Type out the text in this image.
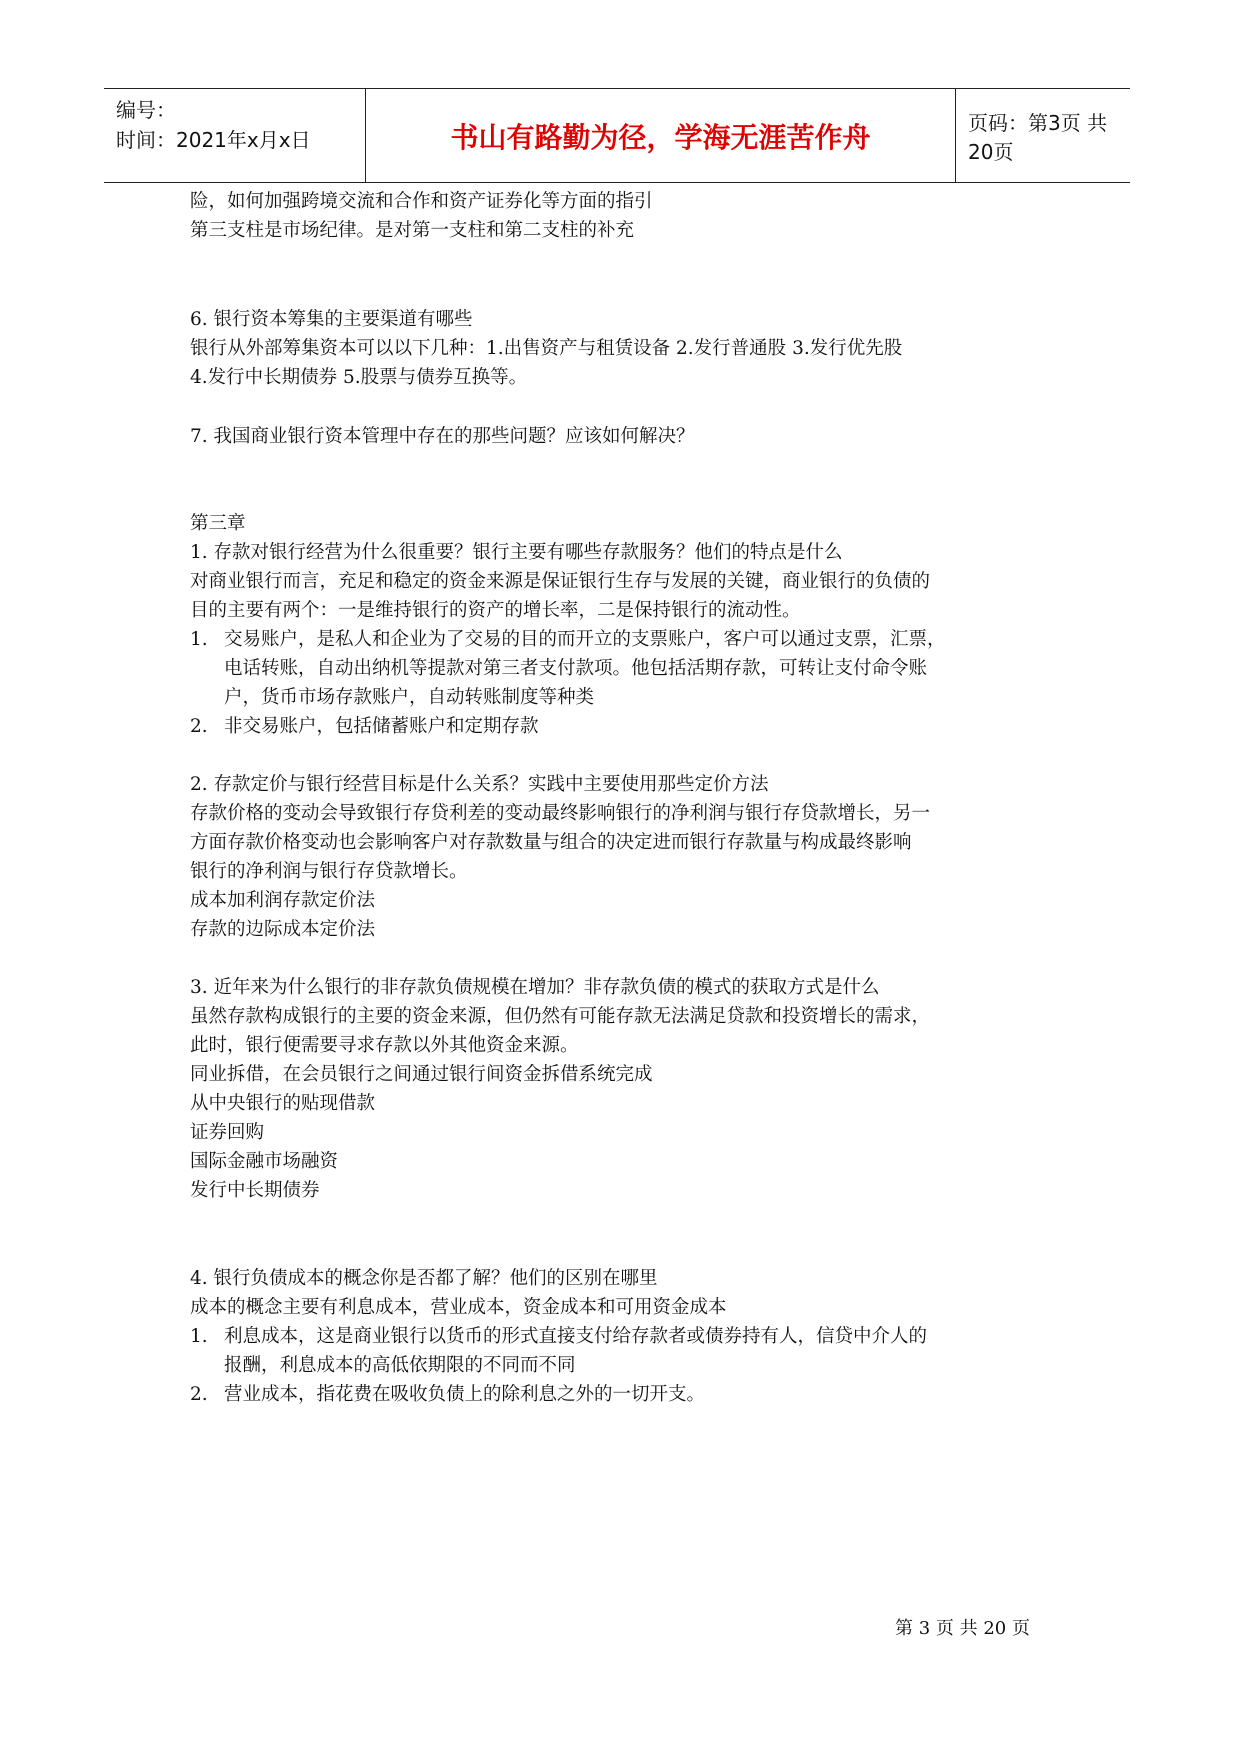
编号：
时间：2021年x月x日	书山有路勤为径，学海无涯苦作舟	页码：第3页 共20页
险，如何加强跨境交流和合作和资产证券化等方面的指引
第三支柱是市场纪律。是对第一支柱和第二支柱的补充
6. 银行资本筹集的主要渠道有哪些
银行从外部筹集资本可以以下几种：1.出售资产与租赁设备 2.发行普通股 3.发行优先股
4.发行中长期债券 5.股票与债券互换等。
7. 我国商业银行资本管理中存在的那些问题？应该如何解决？
第三章
1. 存款对银行经营为什么很重要？银行主要有哪些存款服务？他们的特点是什么
对商业银行而言，充足和稳定的资金来源是保证银行生存与发展的关键，商业银行的负债的
目的主要有两个：一是维持银行的资产的增长率，二是保持银行的流动性。
1. 交易账户，是私人和企业为了交易的目的而开立的支票账户，客户可以通过支票，汇票，
电话转账，自动出纳机等提款对第三者支付款项。他包括活期存款，可转让支付命令账
户，货币市场存款账户，自动转账制度等种类
2. 非交易账户，包括储蓄账户和定期存款
2. 存款定价与银行经营目标是什么关系？实践中主要使用那些定价方法
存款价格的变动会导致银行存贷利差的变动最终影响银行的净利润与银行存贷款增长，另一
方面存款价格变动也会影响客户对存款数量与组合的决定进而银行存款量与构成最终影响
银行的净利润与银行存贷款增长。
成本加利润存款定价法
存款的边际成本定价法
3. 近年来为什么银行的非存款负债规模在增加？非存款负债的模式的获取方式是什么
虽然存款构成银行的主要的资金来源，但仍然有可能存款无法满足贷款和投资增长的需求，
此时，银行便需要寻求存款以外其他资金来源。
同业拆借，在会员银行之间通过银行间资金拆借系统完成
从中央银行的贴现借款
证券回购
国际金融市场融资
发行中长期债券
4. 银行负债成本的概念你是否都了解？他们的区别在哪里
成本的概念主要有利息成本，营业成本，资金成本和可用资金成本
1. 利息成本，这是商业银行以货币的形式直接支付给存款者或债券持有人，信贷中介人的
报酬，利息成本的高低依期限的不同而不同
2. 营业成本，指花费在吸收负债上的除利息之外的一切开支。
第 3 页 共 20 页
